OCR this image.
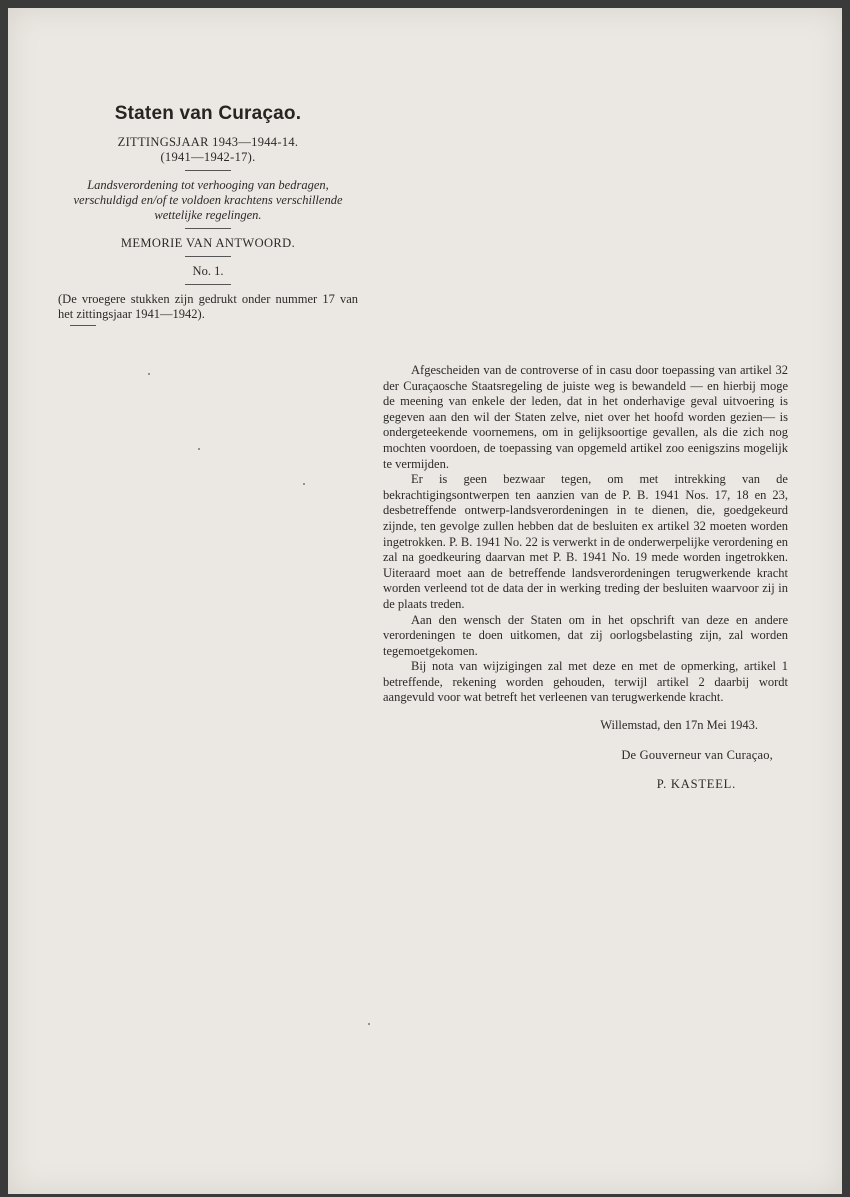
Staten van Curaçao.
ZITTINGSJAAR 1943—1944-14.
(1941—1942-17).
Landsverordening tot verhooging van bedragen, verschuldigd en/of te voldoen krachtens verschillende wettelijke regelingen.
MEMORIE VAN ANTWOORD.
No. 1.
(De vroegere stukken zijn gedrukt onder nummer 17 van het zittingsjaar 1941—1942).

Afgescheiden van de controverse of in casu door toepassing van artikel 32 der Curaçaosche Staatsregeling de juiste weg is bewandeld — en hierbij moge de meening van enkele der leden, dat in het onderhavige geval uitvoering is gegeven aan den wil der Staten zelve, niet over het hoofd worden gezien— is ondergeteekende voornemens, om in gelijksoortige gevallen, als die zich nog mochten voordoen, de toepassing van opgemeld artikel zoo eenigszins mogelijk te vermijden.

Er is geen bezwaar tegen, om met intrekking van de bekrachtigingsontwerpen ten aanzien van de P. B. 1941 Nos. 17, 18 en 23, desbetreffende ontwerp-landsverordeningen in te dienen, die, goedgekeurd zijnde, ten gevolge zullen hebben dat de besluiten ex artikel 32 moeten worden ingetrokken. P. B. 1941 No. 22 is verwerkt in de onderwerpelijke verordening en zal na goedkeuring daarvan met P. B. 1941 No. 19 mede worden ingetrokken. Uiteraard moet aan de betreffende landsverordeningen terugwerkende kracht worden verleend tot de data der in werking treding der besluiten waarvoor zij in de plaats treden.

Aan den wensch der Staten om in het opschrift van deze en andere verordeningen te doen uitkomen, dat zij oorlogsbelasting zijn, zal worden tegemoetgekomen.

Bij nota van wijzigingen zal met deze en met de opmerking, artikel 1 betreffende, rekening worden gehouden, terwijl artikel 2 daarbij wordt aangevuld voor wat betreft het verleenen van terugwerkende kracht.

Willemstad, den 17n Mei 1943.
De Gouverneur van Curaçao,
P. KASTEEL.
